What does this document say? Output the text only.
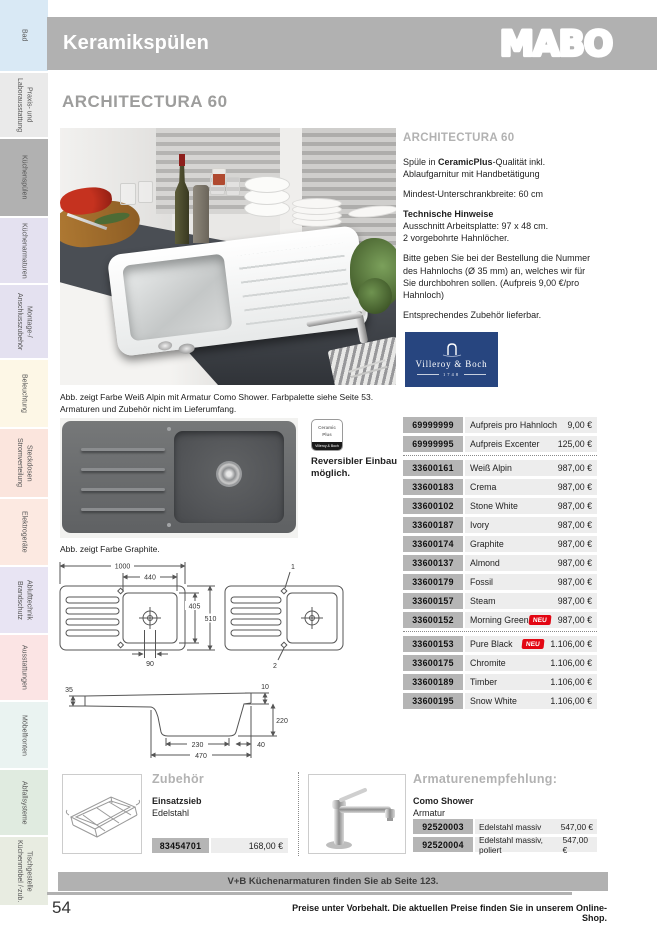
Bad
Praxis- und Laborausstattung
Küchenspülen
Küchenarmaturen
Montage-/ Anschlusszubehör
Beleuchtung
Steckdosen Stromverteilung
Elektrogeräte
Ablufttechnik Brandschutz
Ausstattungen
Möbelfronten
Abfallsysteme
Tischgestelle Küchenmöbel /-zub.
Keramikspülen	MABO
ARCHITECTURA 60
Abb. zeigt Farbe Weiß Alpin mit Armatur Como Shower. Farbpalette siehe Seite 53.
Armaturen und Zubehör nicht im Lieferumfang.
ARCHITECTURA 60

Spüle in CeramicPlus-Qualität inkl. Ablaufgarnitur mit Handbetätigung

Mindest-Unterschrankbreite: 60 cm

Technische Hinweise
Ausschnitt Arbeitsplatte: 97 x 48 cm.
2 vorgebohrte Hahnlöcher.

Bitte geben Sie bei der Bestellung die Nummer des Hahnlochs (Ø 35 mm) an, welches wir für Sie durchbohren sollen. (Aufpreis 9,00 €/pro Hahnloch)

Entsprechendes Zubehör lieferbar.

Villeroy & Boch
1748
Ceramic
Plus
Villeroy & Boch
Reversibler Einbau möglich.
Abb. zeigt Farbe Graphite.
69999999	Aufpreis pro Hahnloch 9,00 €
69999995	Aufpreis Excenter 125,00 €
33600161	Weiß Alpin	987,00 €
33600183	Crema	987,00 €
33600102	Stone White	987,00 €
33600187	Ivory	987,00 €
33600174	Graphite	987,00 €
33600137	Almond	987,00 €
33600179	Fossil	987,00 €
33600157	Steam	987,00 €
33600152	Morning Green NEU	987,00 €
33600153	Pure Black	NEU	1.106,00 €
33600175	Chromite	1.106,00 €
33600189	Timber	1.106,00 €
33600195	Snow White	1.106,00 €
1000
440
510
405
90
1
2
35	10
220
230
470
40
Zubehör
Einsatzsieb
Edelstahl
83454701	168,00 €
Armaturenempfehlung:
Como Shower
Armatur
92520003	Edelstahl massiv 547,00 €
92520004	Edelstahl massiv, poliert
547,00 €
V+B Küchenarmaturen finden Sie ab Seite 123.
54	Preise unter Vorbehalt. Die aktuellen Preise finden Sie in unserem Online-Shop.
